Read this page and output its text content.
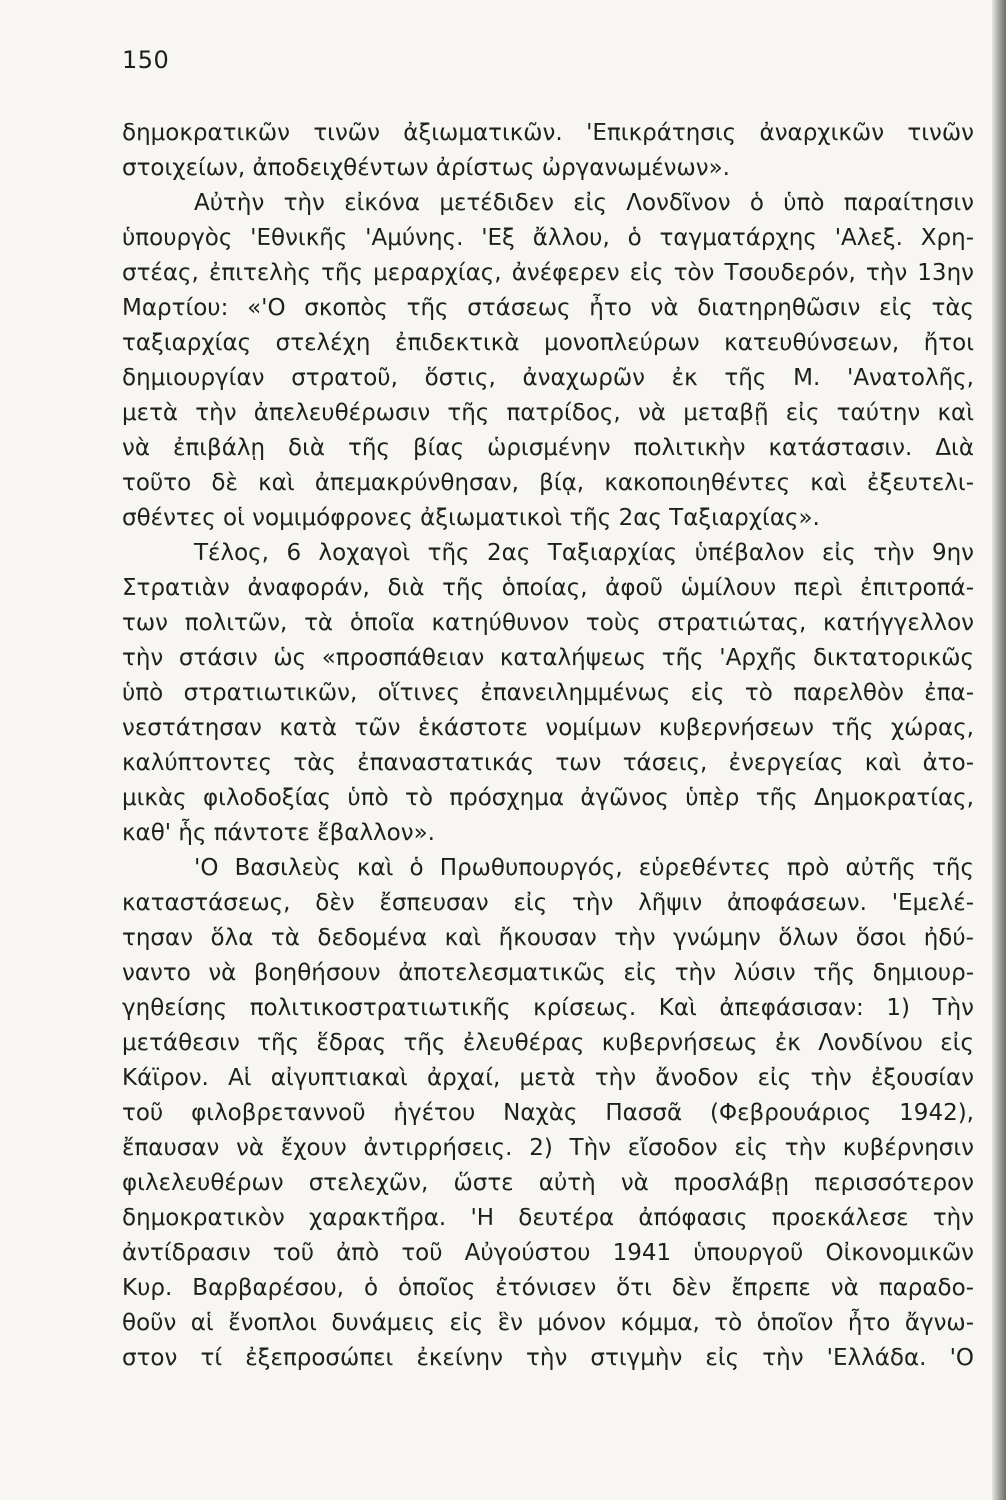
150
δημοκρατικῶν τινῶν ἀξιωματικῶν. 'Επικράτησις ἀναρχικῶν τινῶν
στοιχείων, ἀποδειχθέντων ἀρίστως ὠργανωμένων».
Αὐτὴν τὴν εἰκόνα μετέδιδεν εἰς Λονδῖνον ὁ ὑπὸ παραίτησιν
ὑπουργὸς 'Εθνικῆς 'Αμύνης. 'Εξ ἄλλου, ὁ ταγματάρχης 'Αλεξ. Χρη-
στέας, ἐπιτελὴς τῆς μεραρχίας, ἀνέφερεν εἰς τὸν Τσουδερόν, τὴν 13ην
Μαρτίου: «'Ο σκοπὸς τῆς στάσεως ἦτο νὰ διατηρηθῶσιν εἰς τὰς
ταξιαρχίας στελέχη ἐπιδεκτικὰ μονοπλεύρων κατευθύνσεων, ἤτοι
δημιουργίαν στρατοῦ, ὅστις, ἀναχωρῶν ἐκ τῆς Μ. 'Ανατολῆς,
μετὰ τὴν ἀπελευθέρωσιν τῆς πατρίδος, νὰ μεταβῇ εἰς ταύτην καὶ
νὰ ἐπιβάλῃ διὰ τῆς βίας ὡρισμένην πολιτικὴν κατάστασιν. Διὰ
τοῦτο δὲ καὶ ἀπεμακρύνθησαν, βίᾳ, κακοποιηθέντες καὶ ἐξευτελι-
σθέντες οἱ νομιμόφρονες ἀξιωματικοὶ τῆς 2ας Ταξιαρχίας».
Τέλος, 6 λοχαγοὶ τῆς 2ας Ταξιαρχίας ὑπέβαλον εἰς τὴν 9ην
Στρατιὰν ἀναφοράν, διὰ τῆς ὁποίας, ἀφοῦ ὡμίλουν περὶ ἐπιτροπά-
των πολιτῶν, τὰ ὁποῖα κατηύθυνον τοὺς στρατιώτας, κατήγγελλον
τὴν στάσιν ὡς «προσπάθειαν καταλήψεως τῆς 'Αρχῆς δικτατορικῶς
ὑπὸ στρατιωτικῶν, οἵτινες ἐπανειλημμένως εἰς τὸ παρελθὸν ἐπα-
νεστάτησαν κατὰ τῶν ἑκάστοτε νομίμων κυβερνήσεων τῆς χώρας,
καλύπτοντες τὰς ἐπαναστατικάς των τάσεις, ἐνεργείας καὶ ἀτο-
μικὰς φιλοδοξίας ὑπὸ τὸ πρόσχημα ἀγῶνος ὑπὲρ τῆς Δημοκρατίας,
καθ' ἧς πάντοτε ἔβαλλον».
'Ο Βασιλεὺς καὶ ὁ Πρωθυπουργός, εὑρεθέντες πρὸ αὐτῆς τῆς
καταστάσεως, δὲν ἔσπευσαν εἰς τὴν λῆψιν ἀποφάσεων. 'Εμελέ-
τησαν ὅλα τὰ δεδομένα καὶ ἤκουσαν τὴν γνώμην ὅλων ὅσοι ἠδύ-
ναντο νὰ βοηθήσουν ἀποτελεσματικῶς εἰς τὴν λύσιν τῆς δημιουρ-
γηθείσης πολιτικοστρατιωτικῆς κρίσεως. Καὶ ἀπεφάσισαν: 1) Τὴν
μετάθεσιν τῆς ἕδρας τῆς ἐλευθέρας κυβερνήσεως ἐκ Λονδίνου εἰς
Κάϊρον. Αἱ αἰγυπτιακαὶ ἀρχαί, μετὰ τὴν ἄνοδον εἰς τὴν ἐξουσίαν
τοῦ φιλοβρεταννοῦ ἡγέτου Ναχὰς Πασσᾶ (Φεβρουάριος 1942),
ἔπαυσαν νὰ ἔχουν ἀντιρρήσεις. 2) Τὴν εἴσοδον εἰς τὴν κυβέρνησιν
φιλελευθέρων στελεχῶν, ὥστε αὐτὴ νὰ προσλάβῃ περισσότερον
δημοκρατικὸν χαρακτῆρα. 'Η δευτέρα ἀπόφασις προεκάλεσε τὴν
ἀντίδρασιν τοῦ ἀπὸ τοῦ Αὐγούστου 1941 ὑπουργοῦ Οἰκονομικῶν
Κυρ. Βαρβαρέσου, ὁ ὁποῖος ἐτόνισεν ὅτι δὲν ἔπρεπε νὰ παραδο-
θοῦν αἱ ἔνοπλοι δυνάμεις εἰς ἓν μόνον κόμμα, τὸ ὁποῖον ἦτο ἄγνω-
στον τί ἐξεπροσώπει ἐκείνην τὴν στιγμὴν εἰς τὴν 'Ελλάδα. 'Ο
